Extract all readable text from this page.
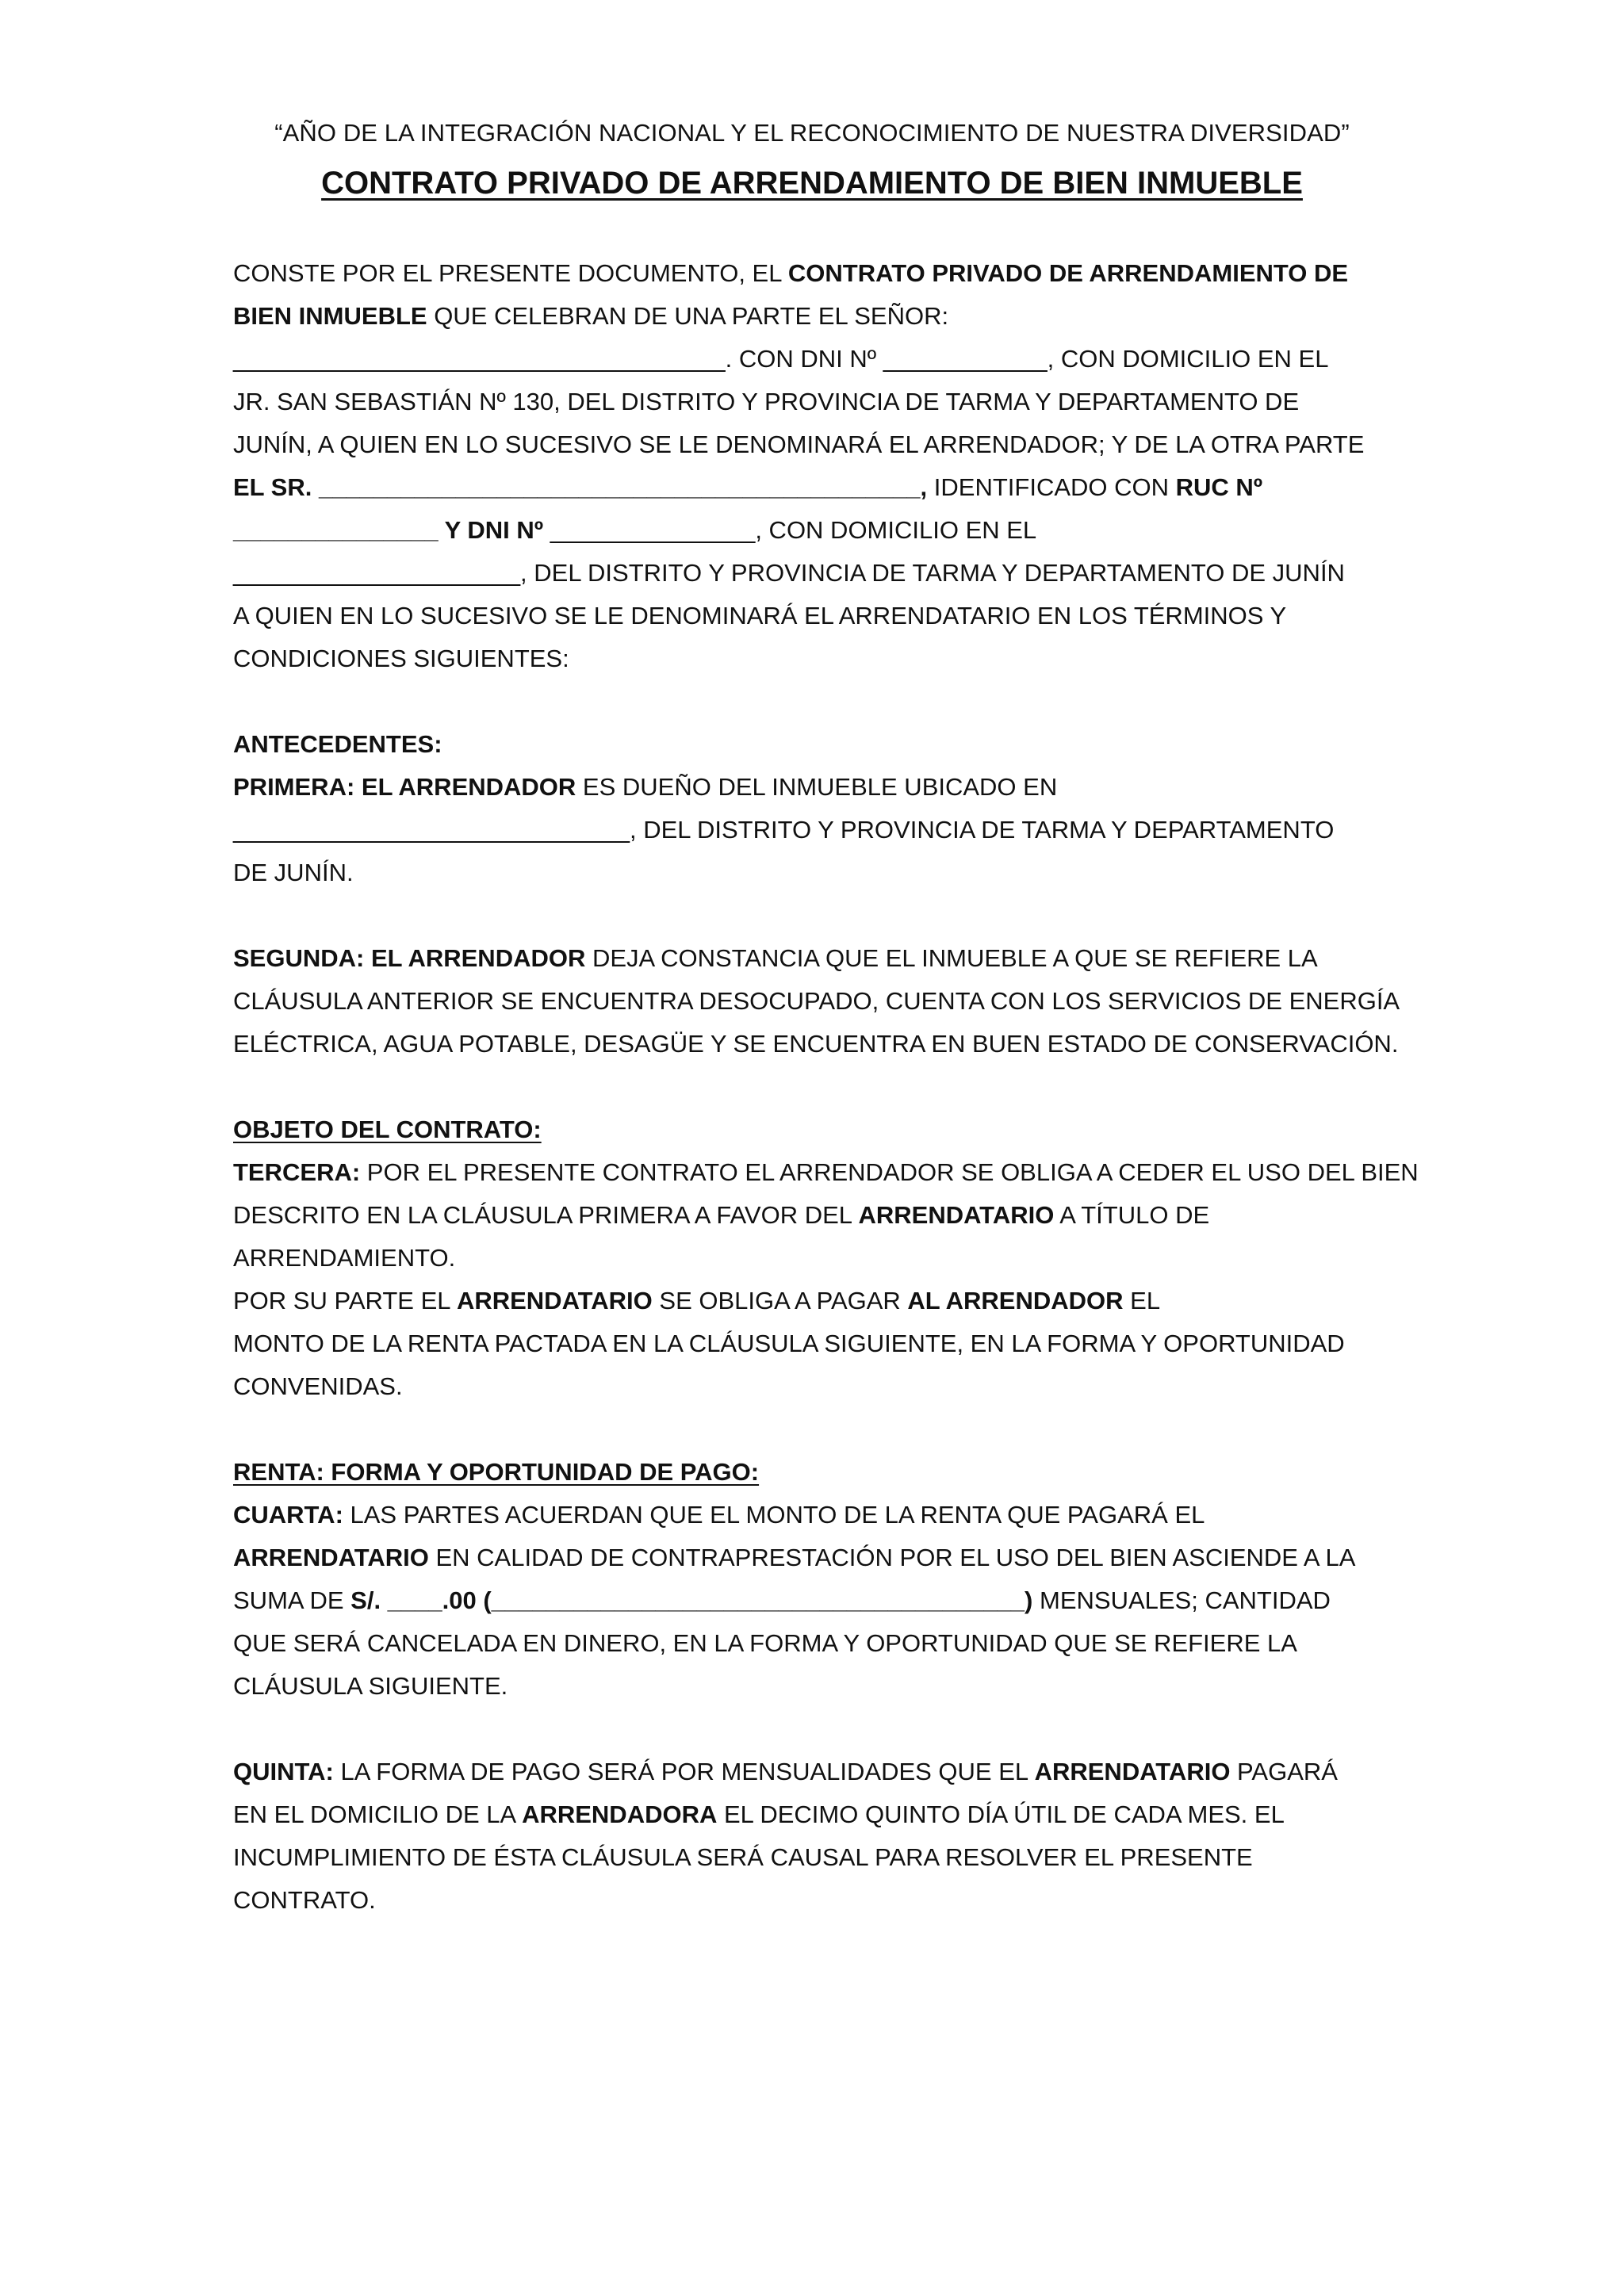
“AÑO DE LA INTEGRACIÓN NACIONAL Y EL RECONOCIMIENTO DE NUESTRA DIVERSIDAD”
CONTRATO PRIVADO DE ARRENDAMIENTO DE BIEN INMUEBLE
CONSTE POR EL PRESENTE DOCUMENTO, EL CONTRATO PRIVADO DE ARRENDAMIENTO DE
BIEN INMUEBLE QUE CELEBRAN DE UNA PARTE EL SEÑOR:
____________________________________. CON DNI Nº ____________, CON DOMICILIO EN EL
JR. SAN SEBASTIÁN Nº 130, DEL DISTRITO Y PROVINCIA DE TARMA Y DEPARTAMENTO DE
JUNÍN, A QUIEN EN LO SUCESIVO SE LE DENOMINARÁ EL ARRENDADOR; Y DE LA OTRA PARTE
EL SR. ____________________________________________, IDENTIFICADO CON RUC Nº
_______________ Y DNI Nº _______________, CON DOMICILIO EN EL
_____________________, DEL DISTRITO Y PROVINCIA DE TARMA Y DEPARTAMENTO DE JUNÍN
A QUIEN EN LO SUCESIVO SE LE DENOMINARÁ EL ARRENDATARIO EN LOS TÉRMINOS Y
CONDICIONES SIGUIENTES:
ANTECEDENTES:
PRIMERA: EL ARRENDADOR ES DUEÑO DEL INMUEBLE UBICADO EN
_____________________________, DEL DISTRITO Y PROVINCIA DE TARMA Y DEPARTAMENTO
DE JUNÍN.
SEGUNDA: EL ARRENDADOR DEJA CONSTANCIA QUE EL INMUEBLE A QUE SE REFIERE LA
CLÁUSULA ANTERIOR SE ENCUENTRA DESOCUPADO, CUENTA CON LOS SERVICIOS DE ENERGÍA
ELÉCTRICA, AGUA POTABLE, DESAGÜE Y SE ENCUENTRA EN BUEN ESTADO DE CONSERVACIÓN.
OBJETO DEL CONTRATO:
TERCERA: POR EL PRESENTE CONTRATO EL ARRENDADOR SE OBLIGA A CEDER EL USO DEL BIEN
DESCRITO EN LA CLÁUSULA PRIMERA A FAVOR DEL ARRENDATARIO A TÍTULO DE
ARRENDAMIENTO.
POR SU PARTE EL ARRENDATARIO SE OBLIGA A PAGAR AL ARRENDADOR EL
MONTO DE LA RENTA PACTADA EN LA CLÁUSULA SIGUIENTE, EN LA FORMA Y OPORTUNIDAD
CONVENIDAS.
RENTA: FORMA Y OPORTUNIDAD DE PAGO:
CUARTA: LAS PARTES ACUERDAN QUE EL MONTO DE LA RENTA QUE PAGARÁ EL
ARRENDATARIO EN CALIDAD DE CONTRAPRESTACIÓN POR EL USO DEL BIEN ASCIENDE A LA
SUMA DE S/. ____.00 (_______________________________________) MENSUALES; CANTIDAD
QUE SERÁ CANCELADA EN DINERO, EN LA FORMA Y OPORTUNIDAD QUE SE REFIERE LA
CLÁUSULA SIGUIENTE.
QUINTA: LA FORMA DE PAGO SERÁ POR MENSUALIDADES QUE EL ARRENDATARIO PAGARÁ
EN EL DOMICILIO DE LA ARRENDADORA EL DECIMO QUINTO DÍA ÚTIL DE CADA MES. EL
INCUMPLIMIENTO DE ÉSTA CLÁUSULA SERÁ CAUSAL PARA RESOLVER EL PRESENTE
CONTRATO.
